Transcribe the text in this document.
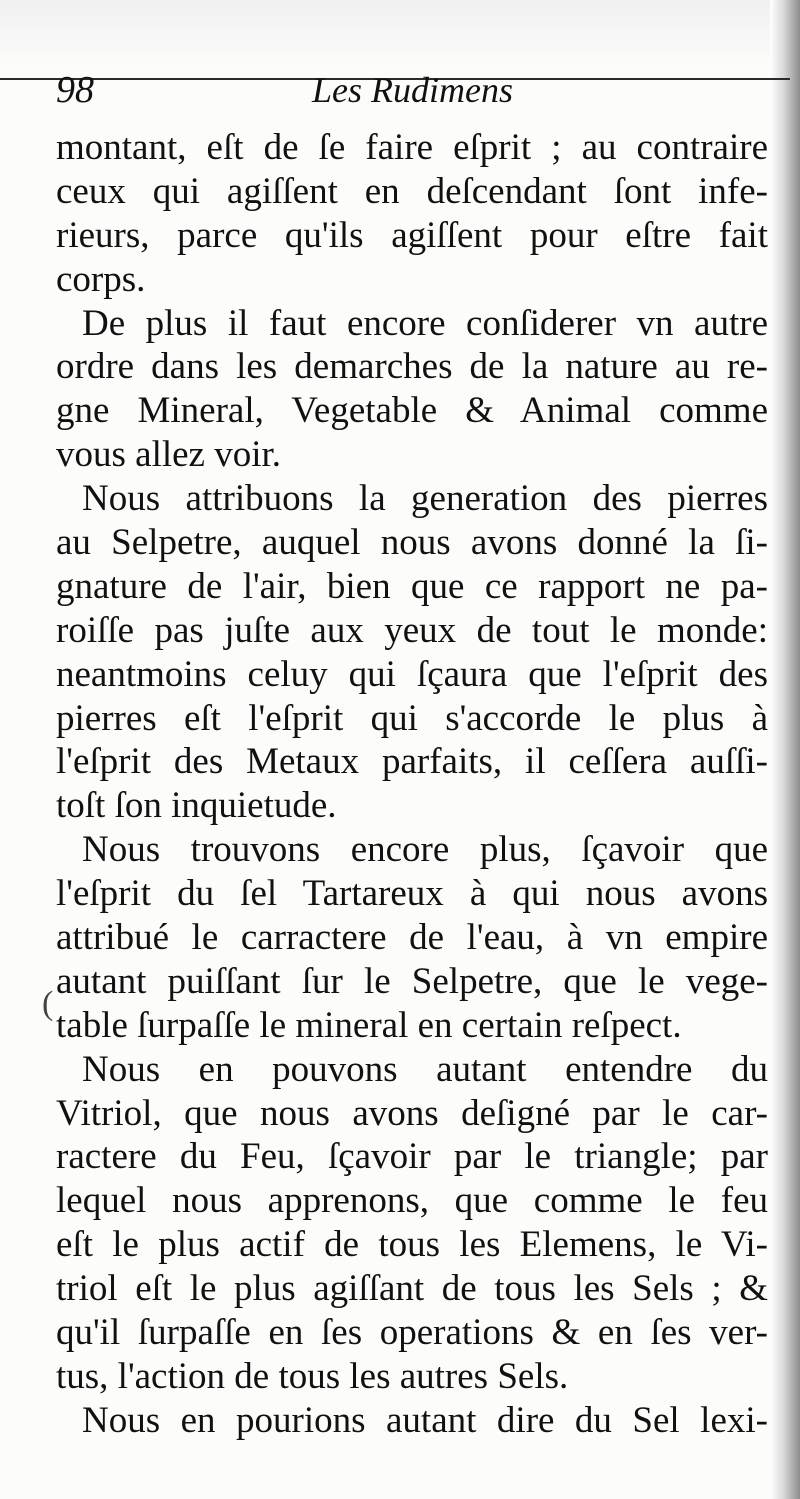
98	Les Rudimens
(
montant, eſt de ſe faire eſprit ; au contraire
ceux qui agiſſent en deſcendant ſont infe-
rieurs, parce qu'ils agiſſent pour eſtre fait
corps.
De plus il faut encore conſiderer vn autre
ordre dans les demarches de la nature au re-
gne Mineral, Vegetable & Animal comme
vous allez voir.
Nous attribuons la generation des pierres
au Selpetre, auquel nous avons donné la ſi-
gnature de l'air, bien que ce rapport ne pa-
roiſſe pas juſte aux yeux de tout le monde:
neantmoins celuy qui ſçaura que l'eſprit des
pierres eſt l'eſprit qui s'accorde le plus à
l'eſprit des Metaux parfaits, il ceſſera auſſi-
toſt ſon inquietude.
Nous trouvons encore plus, ſçavoir que
l'eſprit du ſel Tartareux à qui nous avons
attribué le carractere de l'eau, à vn empire
autant puiſſant ſur le Selpetre, que le vege-
table ſurpaſſe le mineral en certain reſpect.
Nous en pouvons autant entendre du
Vitriol, que nous avons deſigné par le car-
ractere du Feu, ſçavoir par le triangle; par
lequel nous apprenons, que comme le feu
eſt le plus actif de tous les Elemens, le Vi-
triol eſt le plus agiſſant de tous les Sels ; &
qu'il ſurpaſſe en ſes operations & en ſes ver-
tus, l'action de tous les autres Sels.
Nous en pourions autant dire du Sel lexi-
